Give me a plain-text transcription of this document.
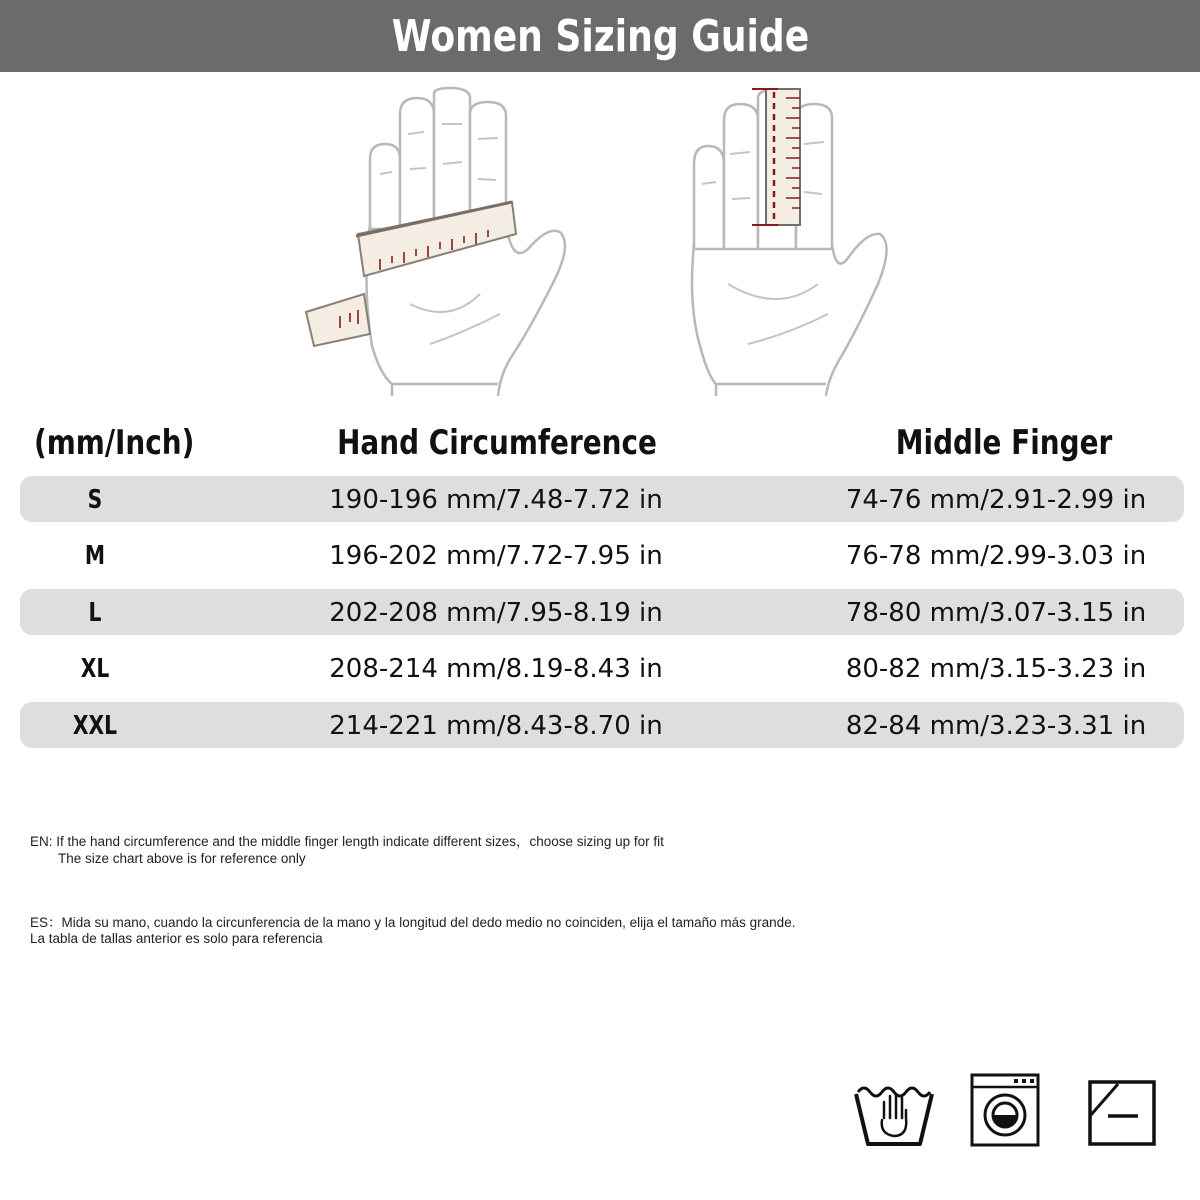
Women Sizing Guide
(mm/Inch)	Hand Circumference	Middle Finger
S	190-196 mm/7.48-7.72 in	74-76 mm/2.91-2.99 in
M	196-202 mm/7.72-7.95 in	76-78 mm/2.99-3.03 in
L	202-208 mm/7.95-8.19 in	78-80 mm/3.07-3.15 in
XL	208-214 mm/8.19-8.43 in	80-82 mm/3.15-3.23 in
XXL	214-221 mm/8.43-8.70 in	82-84 mm/3.23-3.31 in
EN: If the hand circumference and the middle finger length indicate different sizes，choose sizing up for fit
The size chart above is for reference only
ES：Mida su mano, cuando la circunferencia de la mano y la longitud del dedo medio no coinciden, elija el tamaño más grande.
La tabla de tallas anterior es solo para referencia
